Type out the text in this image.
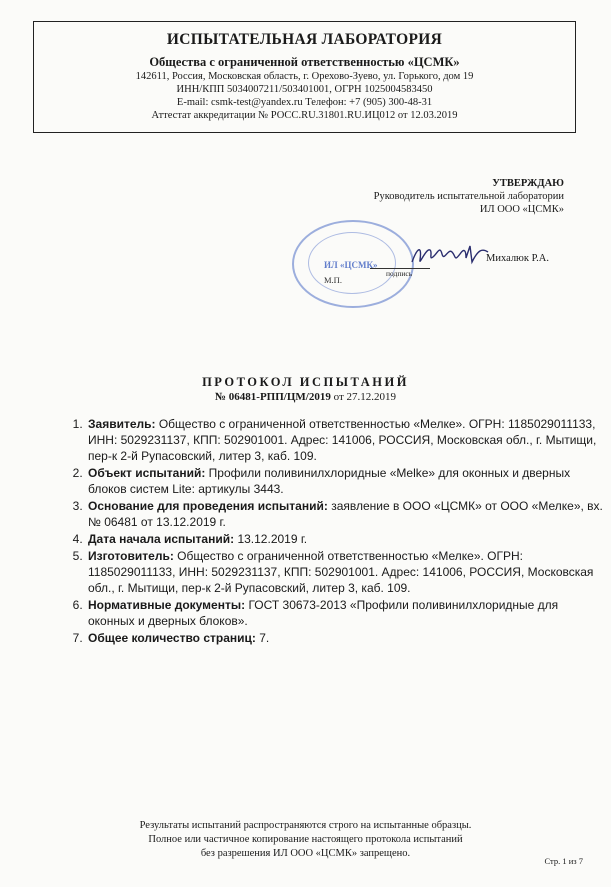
ИСПЫТАТЕЛЬНАЯ ЛАБОРАТОРИЯ
Общества с ограниченной ответственностью «ЦСМК»
142611, Россия, Московская область, г. Орехово-Зуево, ул. Горького, дом 19
ИНН/КПП 5034007211/503401001, ОГРН 1025004583450
E-mail: csmk-test@yandex.ru Телефон: +7 (905) 300-48-31
Аттестат аккредитации № РОСС.RU.31801.RU.ИЦ012 от 12.03.2019
УТВЕРЖДАЮ
Руководитель испытательной лаборатории
ИЛ ООО «ЦСМК»
ИЛ «ЦСМК»
М.П.
подпись
Михалюк Р.А.
ПРОТОКОЛ ИСПЫТАНИЙ
№ 06481-РПП/ЦМ/2019 от 27.12.2019
1. Заявитель: Общество с ограниченной ответственностью «Мелке». ОГРН: 1185029011133, ИНН: 5029231137, КПП: 502901001. Адрес: 141006, РОССИЯ, Московская обл., г. Мытищи, пер-к 2-й Рупасовский, литер 3, каб. 109.
2. Объект испытаний: Профили поливинилхлоридные «Melke» для оконных и дверных блоков систем Lite: артикулы 3443.
3. Основание для проведения испытаний: заявление в ООО «ЦСМК» от ООО «Мелке», вх. № 06481 от 13.12.2019 г.
4. Дата начала испытаний: 13.12.2019 г.
5. Изготовитель: Общество с ограниченной ответственностью «Мелке». ОГРН: 1185029011133, ИНН: 5029231137, КПП: 502901001. Адрес: 141006, РОССИЯ, Московская обл., г. Мытищи, пер-к 2-й Рупасовский, литер 3, каб. 109.
6. Нормативные документы: ГОСТ 30673-2013 «Профили поливинилхлоридные для оконных и дверных блоков».
7. Общее количество страниц: 7.
Результаты испытаний распространяются строго на испытанные образцы.
Полное или частичное копирование настоящего протокола испытаний
без разрешения ИЛ ООО «ЦСМК» запрещено.
Стр. 1 из 7
